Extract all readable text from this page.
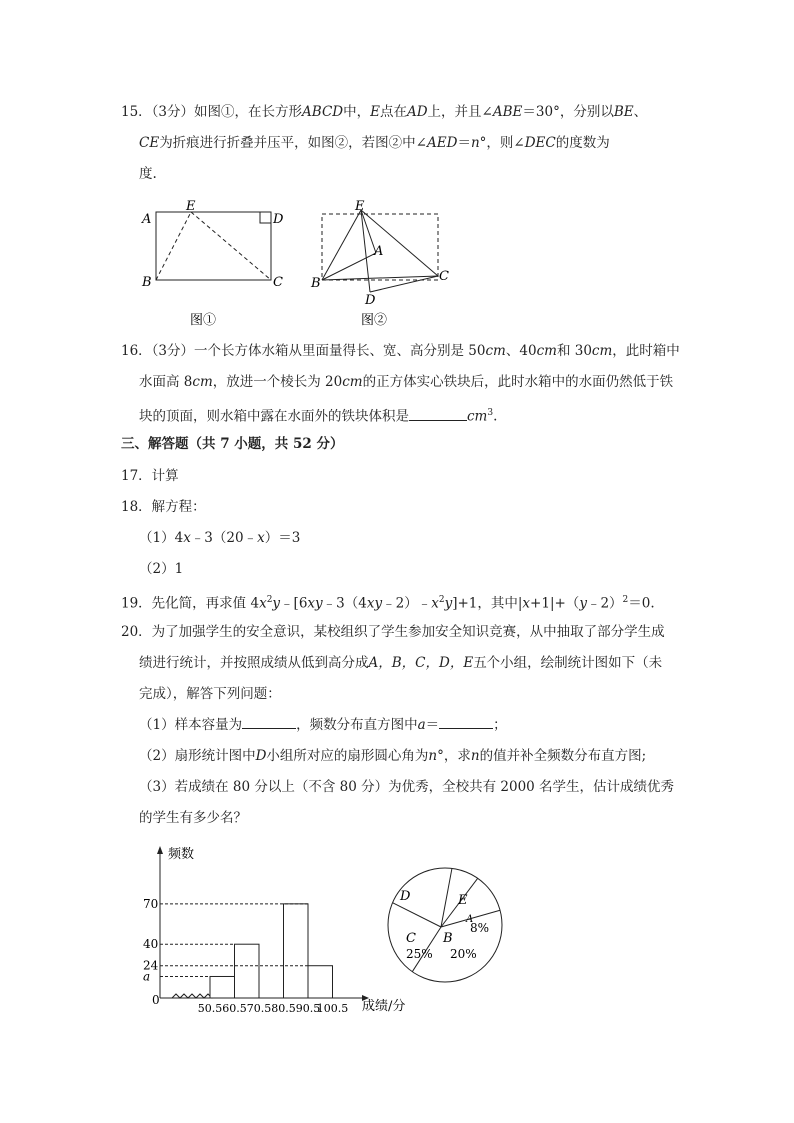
15．（3分）如图①，在长方形ABCD中，E点在AD上，并且∠ABE＝30°，分别以BE、
CE为折痕进行折叠并压平，如图②，若图②中∠AED＝n°，则∠DEC的度数为
度.
A
E
D
B	C
图①
E
A
B	C
D
图②
16．（3分）一个长方体水箱从里面量得长、宽、高分别是 50cm、40cm和 30cm，此时箱中
水面高 8cm，放进一个棱长为 20cm的正方体实心铁块后，此时水箱中的水面仍然低于铁
块的顶面，则水箱中露在水面外的铁块体积是	$cm^3$.
三、解答题（共 7 小题，共 52 分）
17．计算
18．解方程：
（1）4x﹣3（20﹣x）＝3
（2）1
19．先化简，再求值 $4x^2y﹣[6xy﹣3(4xy﹣2)﹣x^2y]+1$，其中|x+1|+（y﹣2）$^2$＝0.
20．为了加强学生的安全意识，某校组织了学生参加安全知识竞赛，从中抽取了部分学生成
绩进行统计，并按照成绩从低到高分成A，B，C，D，E五个小组，绘制统计图如下（未
完成），解答下列问题：
（1）样本容量为	，频数分布直方图中a＝	；
（2）扇形统计图中D小组所对应的扇形圆心角为n°，求n的值并补全频数分布直方图;
（3）若成绩在 80 分以上（不含 80 分）为优秀，全校共有 2000 名学生，估计成绩优秀
的学生有多少名？
频数
成绩/分
0
70
40
24
a
50.5 60.5 70.5 80.5 90.5
100.5
A
8%
B
20%
C
25%
D	E
